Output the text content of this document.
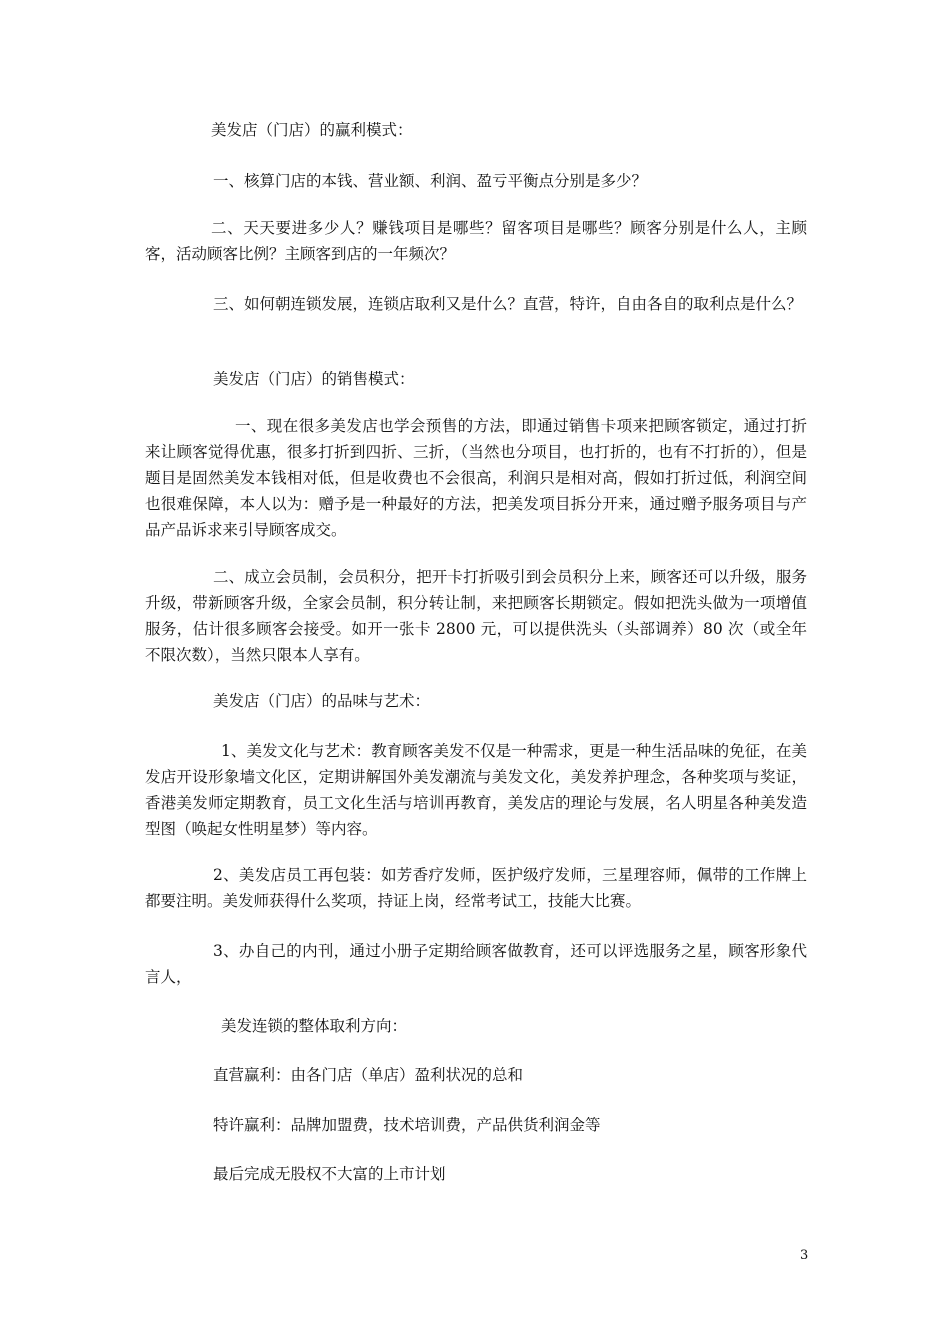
美发店（门店）的赢利模式：

一、核算门店的本钱、营业额、利润、盈亏平衡点分别是多少？

二、天天要进多少人？赚钱项目是哪些？留客项目是哪些？顾客分别是什么人，主顾客，活动顾客比例？主顾客到店的一年频次？

三、如何朝连锁发展，连锁店取利又是什么？直营，特许，自由各自的取利点是什么？

美发店（门店）的销售模式：

一、现在很多美发店也学会预售的方法，即通过销售卡项来把顾客锁定，通过打折来让顾客觉得优惠，很多打折到四折、三折，（当然也分项目，也打折的，也有不打折的），但是题目是固然美发本钱相对低，但是收费也不会很高，利润只是相对高，假如打折过低，利润空间也很难保障，本人以为：赠予是一种最好的方法，把美发项目拆分开来，通过赠予服务项目与产品产品诉求来引导顾客成交。

二、成立会员制，会员积分，把开卡打折吸引到会员积分上来，顾客还可以升级，服务升级，带新顾客升级，全家会员制，积分转让制，来把顾客长期锁定。假如把洗头做为一项增值服务，估计很多顾客会接受。如开一张卡 2800 元，可以提供洗头（头部调养）80 次（或全年不限次数），当然只限本人享有。

美发店（门店）的品味与艺术：

1、美发文化与艺术：教育顾客美发不仅是一种需求，更是一种生活品味的免征，在美发店开设形象墙文化区，定期讲解国外美发潮流与美发文化，美发养护理念，各种奖项与奖证，香港美发师定期教育，员工文化生活与培训再教育，美发店的理论与发展，名人明星各种美发造型图（唤起女性明星梦）等内容。

2、美发店员工再包装：如芳香疗发师，医护级疗发师，三星理容师，佩带的工作牌上都要注明。美发师获得什么奖项，持证上岗，经常考试工，技能大比赛。

3、办自己的内刊，通过小册子定期给顾客做教育，还可以评选服务之星，顾客形象代言人，

美发连锁的整体取利方向：

直营赢利：由各门店（单店）盈利状况的总和

特许赢利：品牌加盟费，技术培训费，产品供货利润金等

最后完成无股权不大富的上市计划

3
